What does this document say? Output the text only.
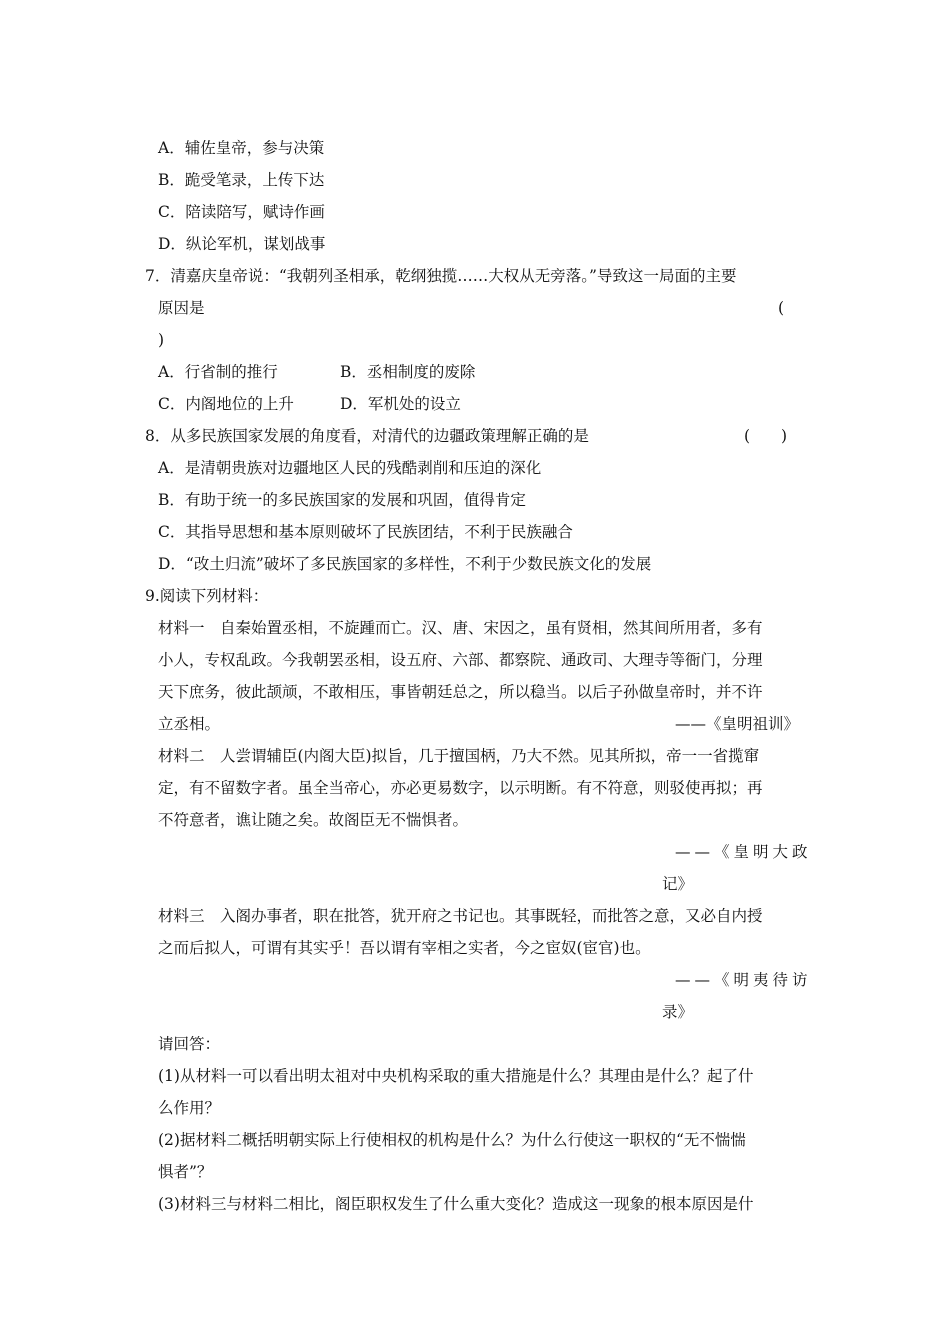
A．辅佐皇帝，参与决策
B．跪受笔录，上传下达
C．陪读陪写，赋诗作画
D．纵论军机，谋划战事
7．清嘉庆皇帝说：“我朝列圣相承，乾纲独揽……大权从无旁落。”导致这一局面的主要
原因是	(
)
A．行省制的推行	B．丞相制度的废除
C．内阁地位的上升	D．军机处的设立
8．从多民族国家发展的角度看，对清代的边疆政策理解正确的是	(　　)
A．是清朝贵族对边疆地区人民的残酷剥削和压迫的深化
B．有助于统一的多民族国家的发展和巩固，值得肯定
C．其指导思想和基本原则破坏了民族团结，不利于民族融合
D．“改土归流”破坏了多民族国家的多样性，不利于少数民族文化的发展
9.阅读下列材料：
材料一　自秦始置丞相，不旋踵而亡。汉、唐、宋因之，虽有贤相，然其间所用者，多有
小人，专权乱政。今我朝罢丞相，设五府、六部、都察院、通政司、大理寺等衙门，分理
天下庶务，彼此颉颃，不敢相压，事皆朝廷总之，所以稳当。以后子孙做皇帝时，并不许
立丞相。	——《皇明祖训》
材料二　人尝谓辅臣(内阁大臣)拟旨，几于擅国柄，乃大不然。见其所拟，帝一一省揽窜
定，有不留数字者。虽全当帝心，亦必更易数字，以示明断。有不符意，则驳使再拟；再
不符意者，谯让随之矣。故阁臣无不惴惧者。
——《皇明大政
记》
材料三　入阁办事者，职在批答，犹开府之书记也。其事既轻，而批答之意，又必自内授
之而后拟人，可谓有其实乎！吾以谓有宰相之实者，今之宦奴(宦官)也。
——《明夷待访
录》
请回答：
(1)从材料一可以看出明太祖对中央机构采取的重大措施是什么？其理由是什么？起了什
么作用？
(2)据材料二概括明朝实际上行使相权的机构是什么？为什么行使这一职权的“无不惴惴
惧者”？
(3)材料三与材料二相比，阁臣职权发生了什么重大变化？造成这一现象的根本原因是什
